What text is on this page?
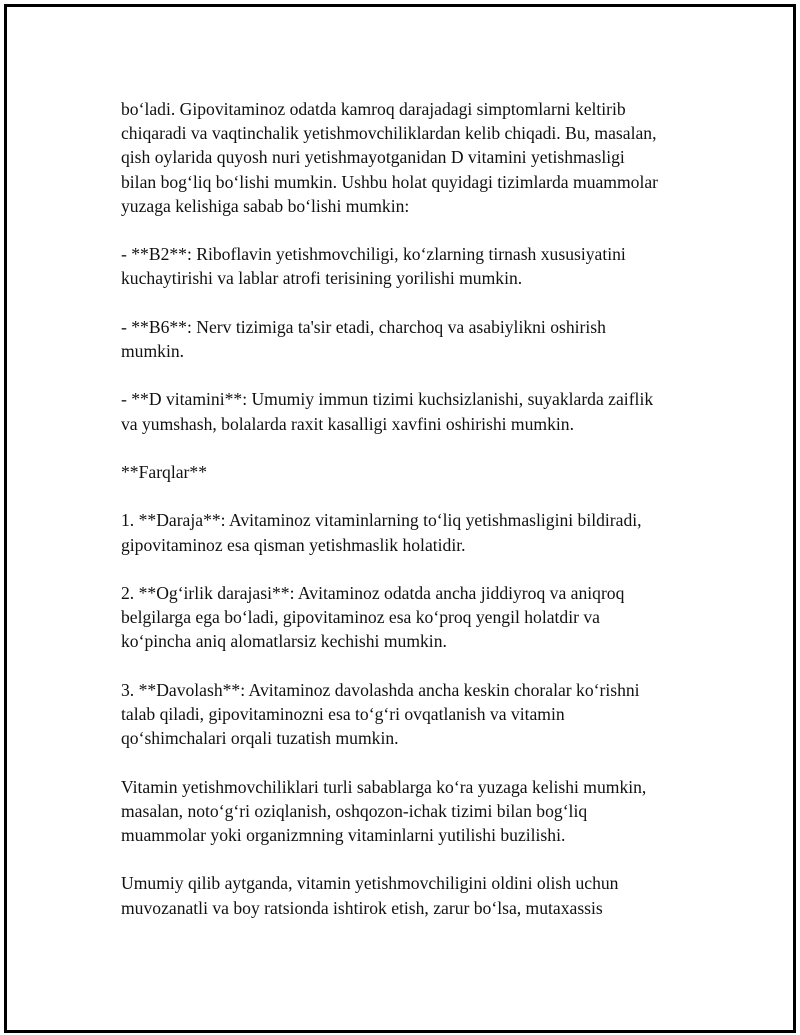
bo‘ladi. Gipovitaminoz odatda kamroq darajadagi simptomlarni keltirib
chiqaradi va vaqtinchalik yetishmovchiliklardan kelib chiqadi. Bu, masalan,
qish oylarida quyosh nuri yetishmayotganidan D vitamini yetishmasligi
bilan bog‘liq bo‘lishi mumkin. Ushbu holat quyidagi tizimlarda muammolar
yuzaga kelishiga sabab bo‘lishi mumkin:

- **B2**: Riboflavin yetishmovchiligi, ko‘zlarning tirnash xususiyatini
kuchaytirishi va lablar atrofi terisining yorilishi mumkin.

- **B6**: Nerv tizimiga ta'sir etadi, charchoq va asabiylikni oshirish
mumkin.

- **D vitamini**: Umumiy immun tizimi kuchsizlanishi, suyaklarda zaiflik
va yumshash, bolalarda raxit kasalligi xavfini oshirishi mumkin.

**Farqlar**

1. **Daraja**: Avitaminoz vitaminlarning to‘liq yetishmasligini bildiradi,
gipovitaminoz esa qisman yetishmaslik holatidir.

2. **Og‘irlik darajasi**: Avitaminoz odatda ancha jiddiyroq va aniqroq
belgilarga ega bo‘ladi, gipovitaminoz esa ko‘proq yengil holatdir va
ko‘pincha aniq alomatlarsiz kechishi mumkin.

3. **Davolash**: Avitaminoz davolashda ancha keskin choralar ko‘rishni
talab qiladi, gipovitaminozni esa to‘g‘ri ovqatlanish va vitamin
qo‘shimchalari orqali tuzatish mumkin.

Vitamin yetishmovchiliklari turli sabablarga ko‘ra yuzaga kelishi mumkin,
masalan, noto‘g‘ri oziqlanish, oshqozon-ichak tizimi bilan bog‘liq
muammolar yoki organizmning vitaminlarni yutilishi buzilishi.

Umumiy qilib aytganda, vitamin yetishmovchiligini oldini olish uchun
muvozanatli va boy ratsionda ishtirok etish, zarur bo‘lsa, mutaxassis
